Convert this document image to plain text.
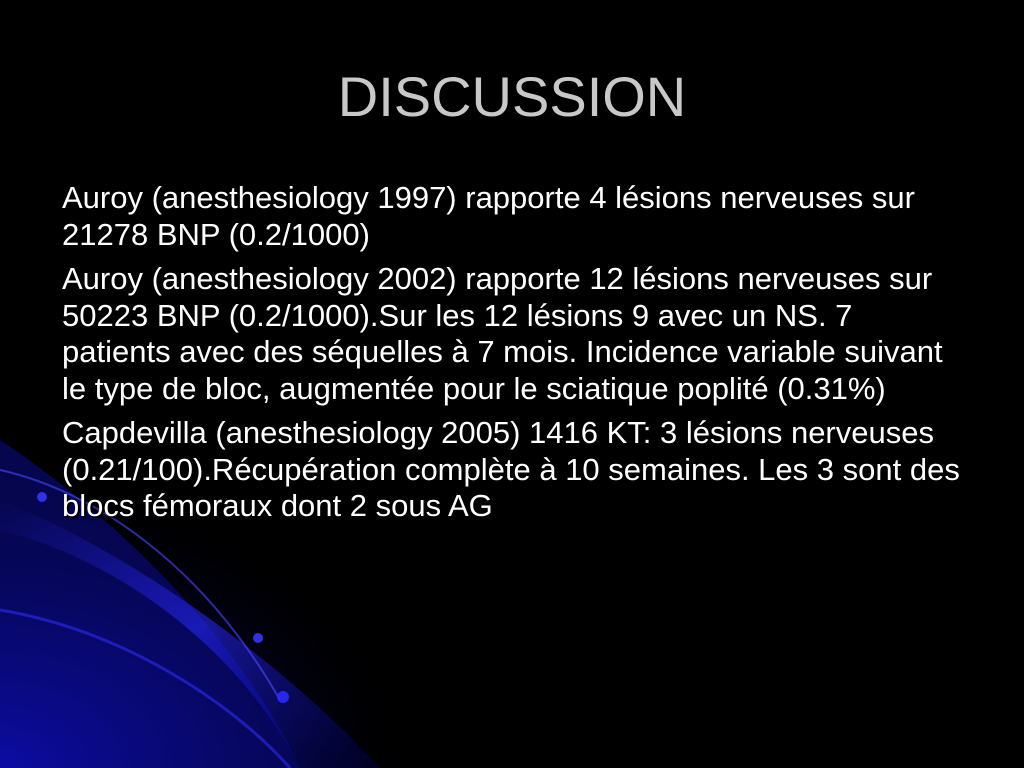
DISCUSSION

Auroy (anesthesiology 1997) rapporte 4 lésions nerveuses sur 21278 BNP (0.2/1000)

Auroy (anesthesiology 2002) rapporte 12 lésions nerveuses sur 50223 BNP (0.2/1000).Sur les 12 lésions 9 avec un NS. 7 patients avec des séquelles à 7 mois. Incidence variable suivant le type de bloc, augmentée pour le sciatique poplité (0.31%)

Capdevilla (anesthesiology 2005) 1416 KT: 3 lésions nerveuses (0.21/100).Récupération complète à 10 semaines. Les 3 sont des blocs fémoraux dont 2 sous AG
